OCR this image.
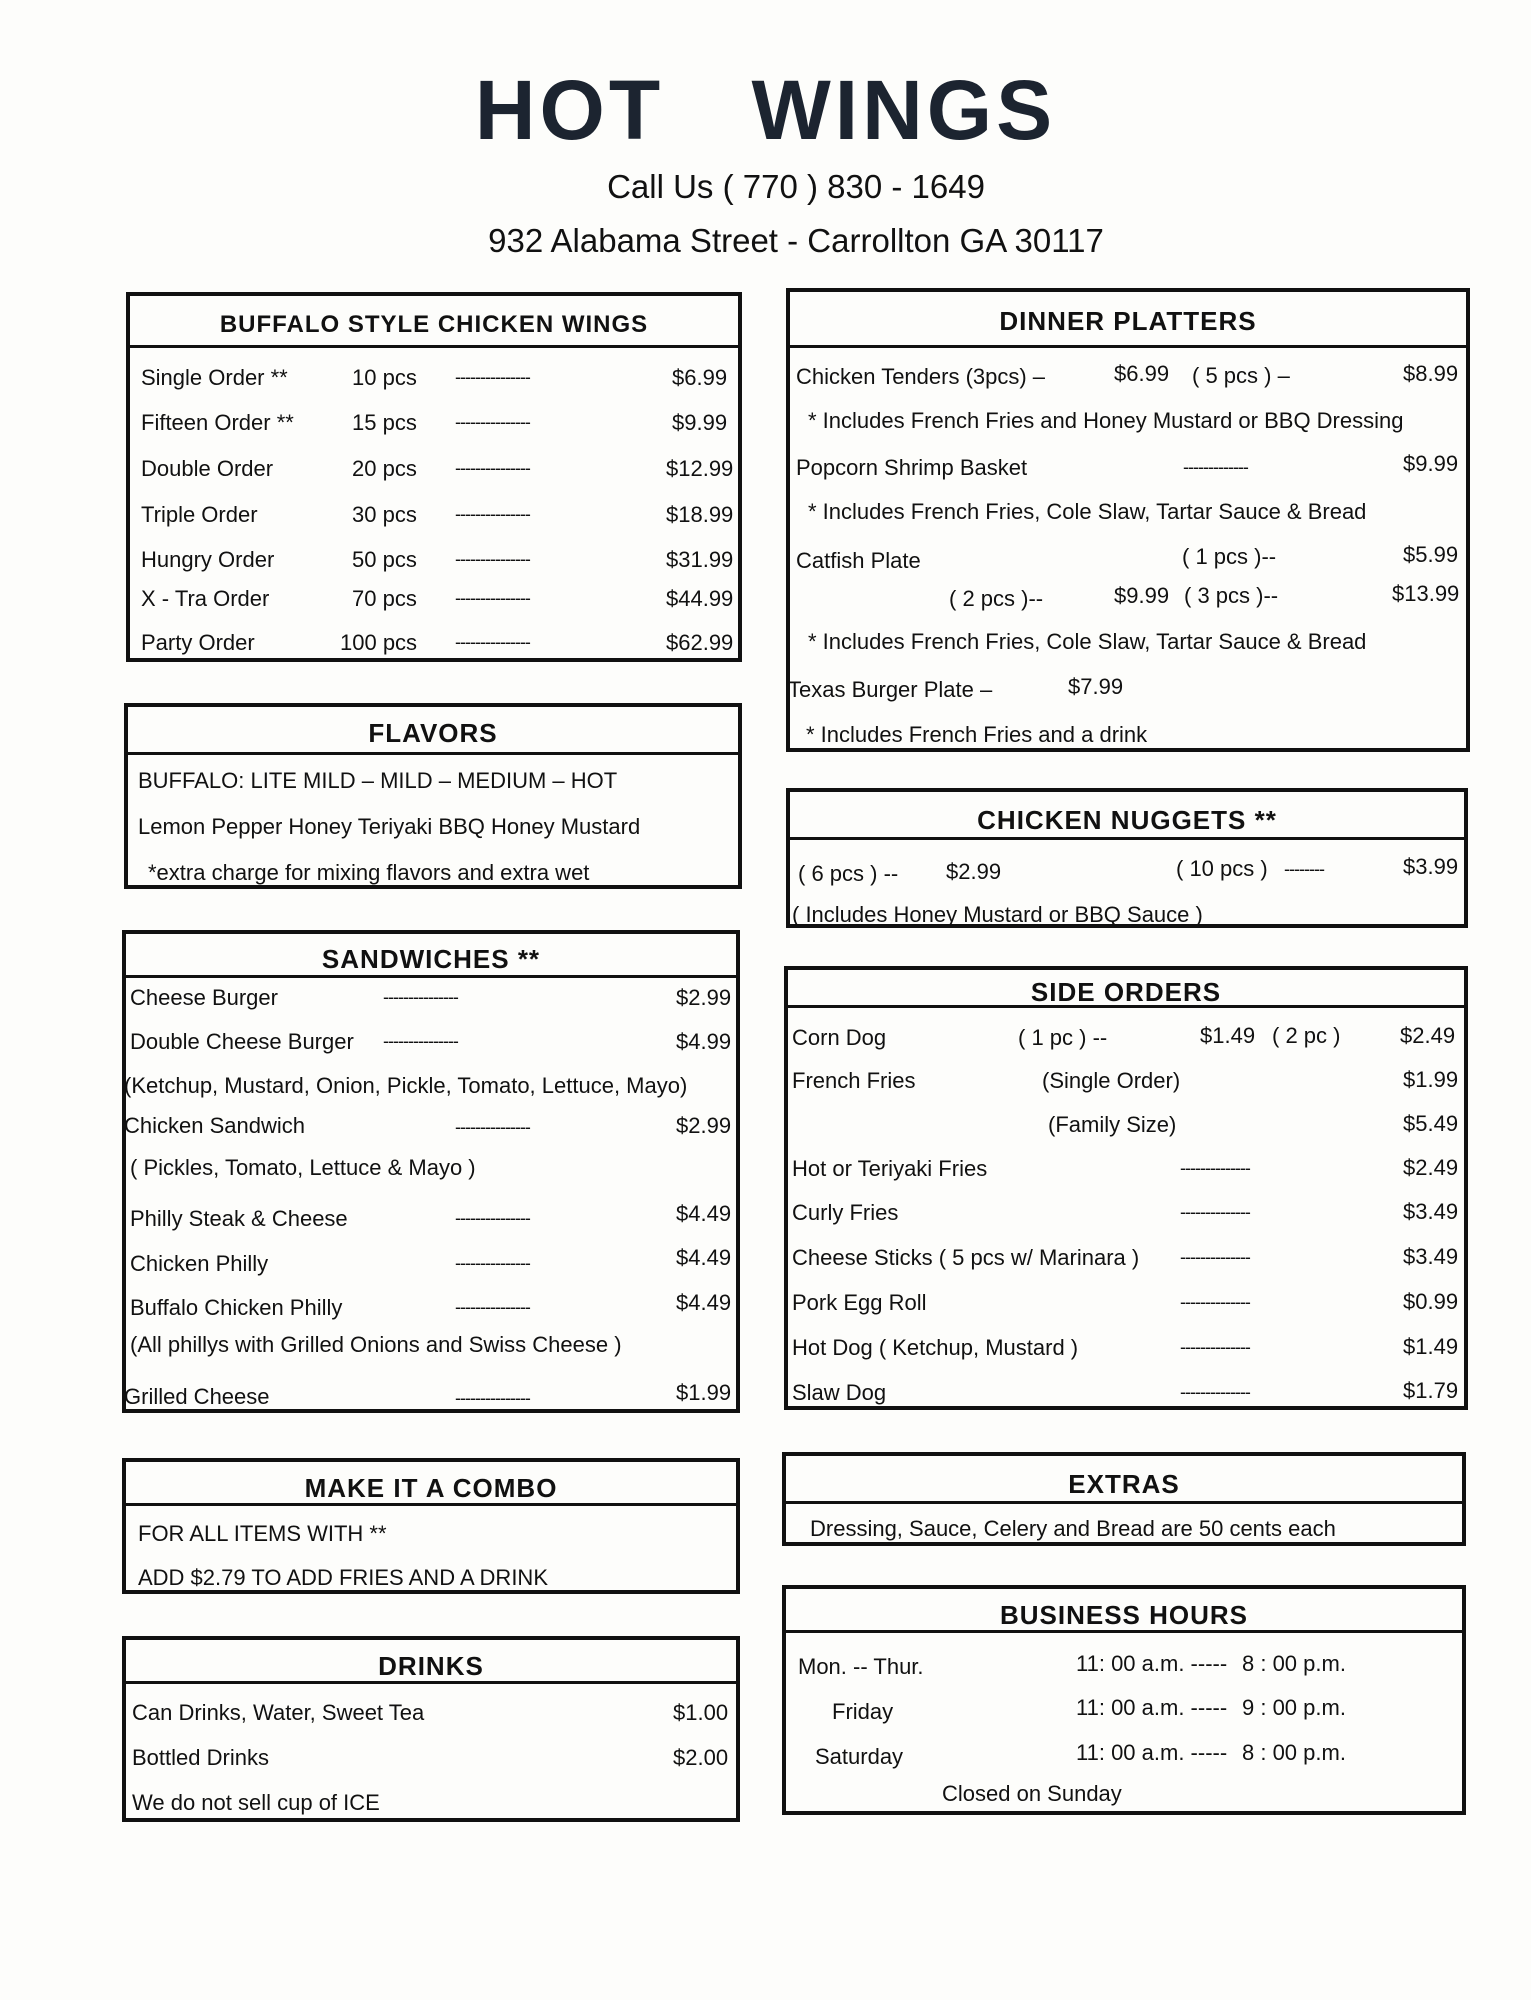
HOT WINGS
Call Us ( 770 ) 830 - 1649
932 Alabama Street - Carrollton GA 30117
BUFFALO STYLE CHICKEN WINGS
Single Order **	10 pcs ---------------	$6.99
Fifteen Order **	15 pcs ---------------	$9.99
Double Order	20 pcs ---------------	$12.99
Triple Order	30 pcs ---------------	$18.99
Hungry Order	50 pcs ---------------	$31.99
X - Tra Order	70 pcs ---------------	$44.99
Party Order	100 pcs ---------------	$62.99
FLAVORS
BUFFALO: LITE MILD – MILD – MEDIUM – HOT
Lemon Pepper Honey Teriyaki BBQ Honey Mustard
*extra charge for mixing flavors and extra wet
SANDWICHES **
Cheese Burger	---------------	$2.99
Double Cheese Burger ---------------	$4.99
(Ketchup, Mustard, Onion, Pickle, Tomato, Lettuce, Mayo)
Chicken Sandwich	---------------	$2.99
( Pickles, Tomato, Lettuce & Mayo )
Philly Steak & Cheese	---------------	$4.49
Chicken Philly	---------------	$4.49
Buffalo Chicken Philly	---------------	$4.49
(All phillys with Grilled Onions and Swiss Cheese )
Grilled Cheese	---------------	$1.99
MAKE IT A COMBO
FOR ALL ITEMS WITH **
ADD $2.79 TO ADD FRIES AND A DRINK
DRINKS
Can Drinks, Water, Sweet Tea	$1.00
Bottled Drinks	$2.00
We do not sell cup of ICE
DINNER PLATTERS
Chicken Tenders (3pcs) –	$6.99 ( 5 pcs ) –	$8.99
* Includes French Fries and Honey Mustard or BBQ Dressing
Popcorn Shrimp Basket	-------------	$9.99
* Includes French Fries, Cole Slaw, Tartar Sauce & Bread
Catfish Plate	( 1 pcs )--	$5.99
( 2 pcs )--	$9.99 ( 3 pcs )--	$13.99
* Includes French Fries, Cole Slaw, Tartar Sauce & Bread
Texas Burger Plate –	$7.99
* Includes French Fries and a drink
CHICKEN NUGGETS **
( 6 pcs ) -- $2.99	( 10 pcs ) --------	$3.99
( Includes Honey Mustard or BBQ Sauce )
SIDE ORDERS
Corn Dog	( 1 pc ) --	$1.49 ( 2 pc )	$2.49
French Fries	(Single Order)	$1.99
(Family Size)	$5.49
Hot or Teriyaki Fries	--------------	$2.49
Curly Fries	--------------	$3.49
Cheese Sticks ( 5 pcs w/ Marinara ) --------------	$3.49
Pork Egg Roll	--------------	$0.99
Hot Dog ( Ketchup, Mustard )	--------------	$1.49
Slaw Dog	--------------	$1.79
EXTRAS
Dressing, Sauce, Celery and Bread are 50 cents each
BUSINESS HOURS
Mon. -- Thur.	11: 00 a.m. ----- 8 : 00 p.m.
Friday	11: 00 a.m. ----- 9 : 00 p.m.
Saturday	11: 00 a.m. ----- 8 : 00 p.m.
Closed on Sunday
